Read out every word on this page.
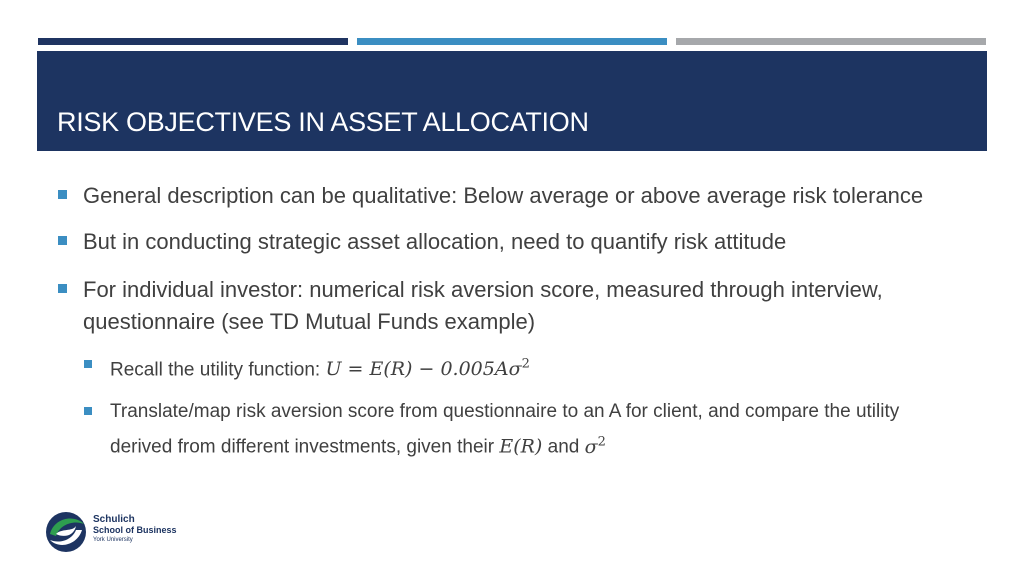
RISK OBJECTIVES IN ASSET ALLOCATION
General description can be qualitative: Below average or above average risk tolerance
But in conducting strategic asset allocation, need to quantify risk attitude
For individual investor: numerical risk aversion score, measured through interview, questionnaire (see TD Mutual Funds example)
Recall the utility function: $U = E(R) - 0.005A\sigma^2$
Translate/map risk aversion score from questionnaire to an A for client, and compare the utility derived from different investments, given their E(R) and $\sigma^2$
Schulich
School of Business
York University
